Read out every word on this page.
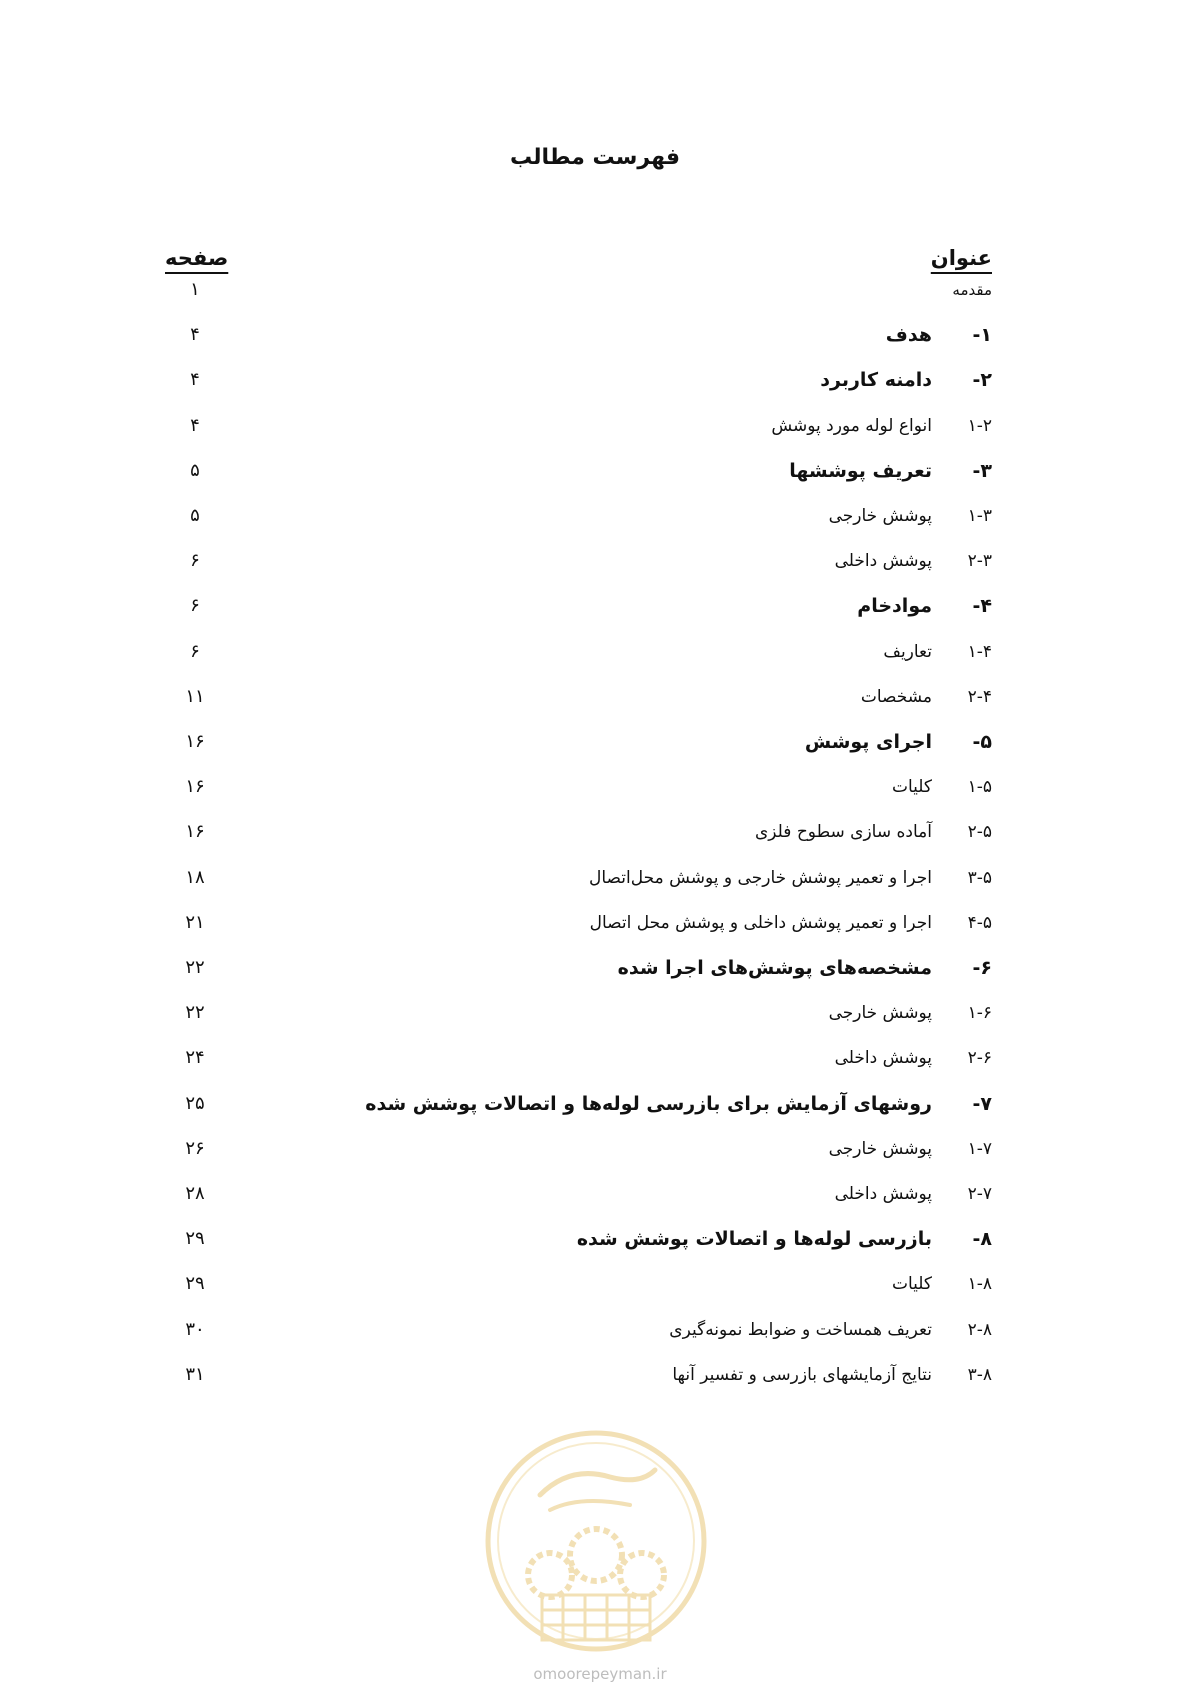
فهرست مطالب
عنوان
صفحه
مقدمه
۱
۱-
هدف
۴
۲-
دامنه کاربرد
۴
۱-۲
انواع لوله مورد پوشش
۴
۳-
تعریف پوششها
۵
۱-۳
پوشش خارجی
۵
۲-۳
پوشش داخلی
۶
۴-
موادخام
۶
۱-۴
تعاریف
۶
۲-۴
مشخصات
۱۱
۵-
اجرای پوشش
۱۶
۱-۵
کلیات
۱۶
۲-۵
آماده سازی سطوح فلزی
۱۶
۳-۵
اجرا و تعمیر پوشش خارجی و پوشش محل‌اتصال
۱۸
۴-۵
اجرا و تعمیر پوشش داخلی و پوشش محل اتصال
۲۱
۶-
مشخصه‌های پوشش‌های اجرا شده
۲۲
۱-۶
پوشش خارجی
۲۲
۲-۶
پوشش داخلی
۲۴
۷-
روشهای آزمایش برای بازرسی لوله‌ها و اتصالات پوشش شده
۲۵
۱-۷
پوشش خارجی
۲۶
۲-۷
پوشش داخلی
۲۸
۸-
بازرسی لوله‌ها و اتصالات پوشش شده
۲۹
۱-۸
کلیات
۲۹
۲-۸
تعریف همساخت و ضوابط نمونه‌گیری
۳۰
۳-۸
نتایج آزمایشهای بازرسی و تفسیر آنها
۳۱
omoorepeyman.ir
